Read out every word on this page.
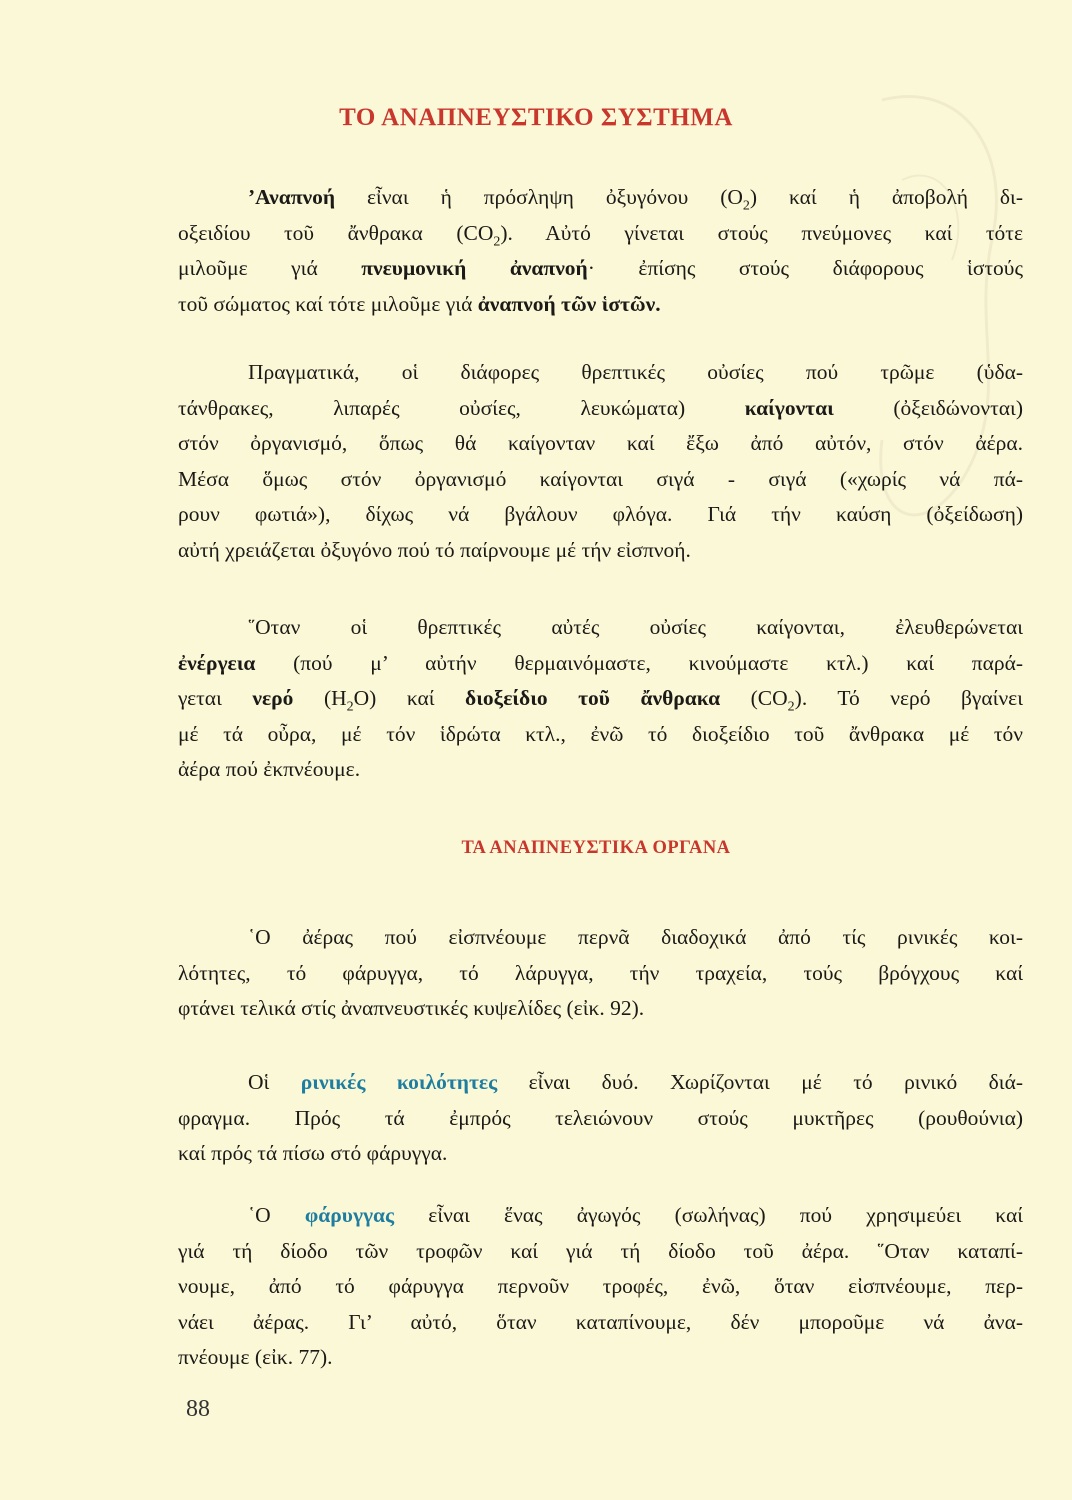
ΤΟ ΑΝΑΠΝΕΥΣΤΙΚΟ ΣΥΣΤΗΜΑ
’Αναπνοή εἶναι ἡ πρόσληψη ὀξυγόνου $(O_2)$ καί ἡ ἀποβολή δι-
οξειδίου τοῦ ἄνθρακα $(CO_2)$. Αὐτό γίνεται στούς πνεύμονες καί τότε
μιλοῦμε γιά πνευμονική ἀναπνοή· ἐπίσης στούς διάφορους ἱστούς
τοῦ σώματος καί τότε μιλοῦμε γιά ἀναπνοή τῶν ἱστῶν.
Πραγματικά, οἱ διάφορες θρεπτικές οὐσίες πού τρῶμε (ὑδα-
τάνθρακες, λιπαρές οὐσίες, λευκώματα) καίγονται (ὀξειδώνονται)
στόν ὀργανισμό, ὅπως θά καίγονταν καί ἔξω ἀπό αὐτόν, στόν ἀέρα.
Μέσα ὅμως στόν ὀργανισμό καίγονται σιγά - σιγά («χωρίς νά πά-
ρουν φωτιά»), δίχως νά βγάλουν φλόγα. Γιά τήν καύση (ὀξείδωση)
αὐτή χρειάζεται ὀξυγόνο πού τό παίρνουμε μέ τήν εἰσπνοή.
῞Οταν οἱ θρεπτικές αὐτές οὐσίες καίγονται, ἐλευθερώνεται
ἐνέργεια (πού μ’ αὐτήν θερμαινόμαστε, κινούμαστε κτλ.) καί παρά-
γεται νερό $(H_2O)$ καί διοξείδιο τοῦ ἄνθρακα $(CO_2)$. Τό νερό βγαίνει
μέ τά οὖρα, μέ τόν ἱδρώτα κτλ., ἐνῶ τό διοξείδιο τοῦ ἄνθρακα μέ τόν
ἀέρα πού ἐκπνέουμε.
ΤΑ ΑΝΑΠΝΕΥΣΤΙΚΑ ΟΡΓΑΝΑ
῾Ο ἀέρας πού εἰσπνέουμε περνᾶ διαδοχικά ἀπό τίς ρινικές κοι-
λότητες, τό φάρυγγα, τό λάρυγγα, τήν τραχεία, τούς βρόγχους καί
φτάνει τελικά στίς ἀναπνευστικές κυψελίδες (εἰκ. 92).
Οἱ ρινικές κοιλότητες εἶναι δυό. Χωρίζονται μέ τό ρινικό διά-
φραγμα. Πρός τά ἐμπρός τελειώνουν στούς μυκτῆρες (ρουθούνια)
καί πρός τά πίσω στό φάρυγγα.
῾Ο φάρυγγας εἶναι ἕνας ἀγωγός (σωλήνας) πού χρησιμεύει καί
γιά τή δίοδο τῶν τροφῶν καί γιά τή δίοδο τοῦ ἀέρα. ῞Οταν καταπί-
νουμε, ἀπό τό φάρυγγα περνοῦν τροφές, ἐνῶ, ὅταν εἰσπνέουμε, περ-
νάει ἀέρας. Γι’ αὐτό, ὅταν καταπίνουμε, δέν μποροῦμε νά ἀνα-
πνέουμε (εἰκ. 77).
88
